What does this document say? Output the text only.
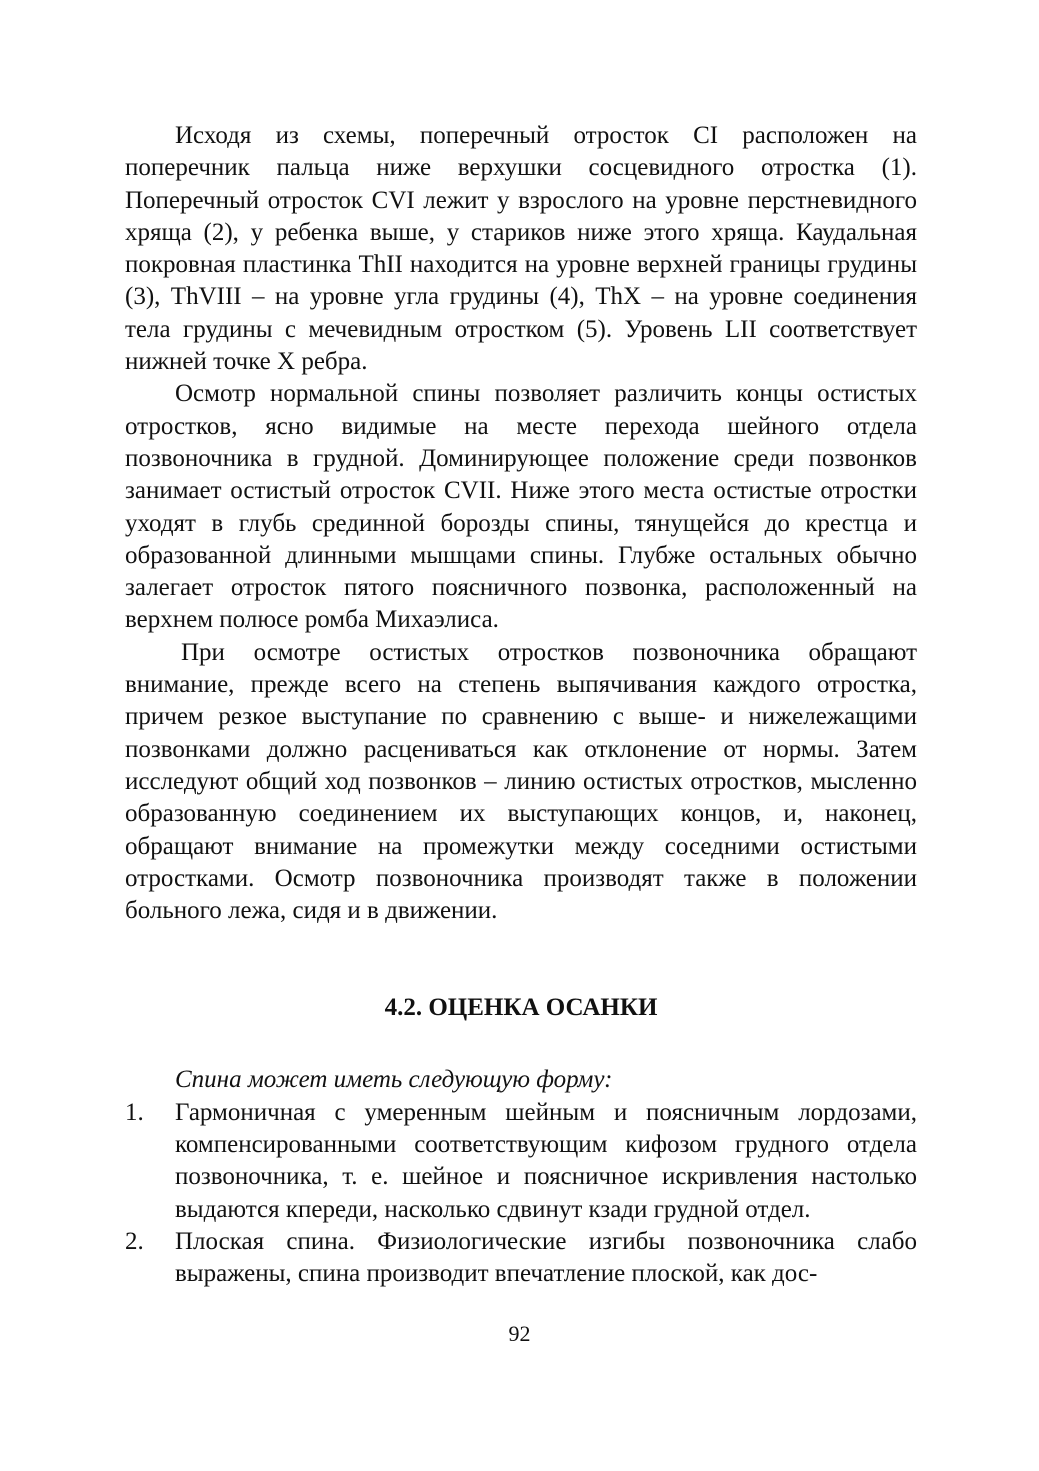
Исходя из схемы, поперечный отросток CI расположен на поперечник пальца ниже верхушки сосцевидного отростка (1). Поперечный отросток CVI лежит у взрослого на уровне перстневидного хряща (2), у ребенка выше, у стариков ниже этого хряща. Каудальная покровная пластинка ThII находится на уровне верхней границы грудины (3), ThVIII – на уровне угла грудины (4), ThX – на уровне соединения тела грудины с мечевидным отростком (5). Уровень LII соответствует нижней точке X ребра.

Осмотр нормальной спины позволяет различить концы остистых отростков, ясно видимые на месте перехода шейного отдела позвоночника в грудной. Доминирующее положение среди позвонков занимает остистый отросток CVII. Ниже этого места остистые отростки уходят в глубь срединной борозды спины, тянущейся до крестца и образованной длинными мышцами спины. Глубже остальных обычно залегает отросток пятого поясничного позвонка, расположенный на верхнем полюсе ромба Михаэлиса.

При осмотре остистых отростков позвоночника обращают внимание, прежде всего на степень выпячивания каждого отростка, причем резкое выступание по сравнению с выше- и нижележащими позвонками должно расцениваться как отклонение от нормы. Затем исследуют общий ход позвонков – линию остистых отростков, мысленно образованную соединением их выступающих концов, и, наконец, обращают внимание на промежутки между соседними остистыми отростками. Осмотр позвоночника производят также в положении больного лежа, сидя и в движении.

4.2. ОЦЕНКА ОСАНКИ

Спина может иметь следующую форму:

1.	Гармоничная с умеренным шейным и поясничным лордозами, компенсированными соответствующим кифозом грудного отдела позвоночника, т. е. шейное и поясничное искривления настолько выдаются кпереди, насколько сдвинут кзади грудной отдел.

2.	Плоская спина. Физиологические изгибы позвоночника слабо выражены, спина производит впечатление плоской, как дос-

92
